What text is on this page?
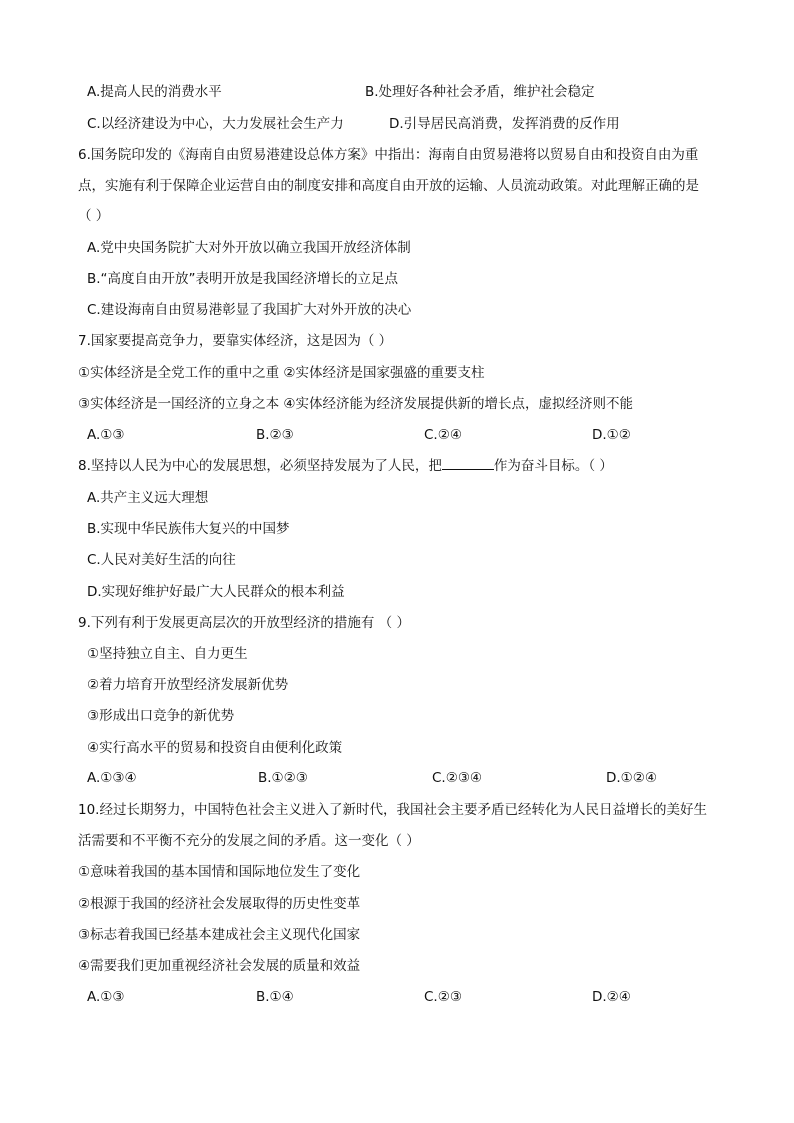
A.提高人民的消费水平	B.处理好各种社会矛盾，维护社会稳定
C.以经济建设为中心，大力发展社会生产力	D.引导居民高消费，发挥消费的反作用
6.国务院印发的《海南自由贸易港建设总体方案》中指出：海南自由贸易港将以贸易自由和投资自由为重
点，实施有利于保障企业运营自由的制度安排和高度自由开放的运输、人员流动政策。对此理解正确的是
（ ）
A.党中央国务院扩大对外开放以确立我国开放经济体制
B.“高度自由开放”表明开放是我国经济增长的立足点
C.建设海南自由贸易港彰显了我国扩大对外开放的决心
7.国家要提高竞争力，要靠实体经济，这是因为（ ）
①实体经济是全党工作的重中之重 ②实体经济是国家强盛的重要支柱
③实体经济是一国经济的立身之本 ④实体经济能为经济发展提供新的增长点，虚拟经济则不能
A.①③	B.②③	C.②④	D.①②
8.坚持以人民为中心的发展思想，必须坚持发展为了人民，把	作为奋斗目标。（ ）
A.共产主义远大理想
B.实现中华民族伟大复兴的中国梦
C.人民对美好生活的向往
D.实现好维护好最广大人民群众的根本利益
9.下列有利于发展更高层次的开放型经济的措施有 （ ）
①坚持独立自主、自力更生
②着力培育开放型经济发展新优势
③形成出口竞争的新优势
④实行高水平的贸易和投资自由便利化政策
A.①③④	B.①②③	C.②③④	D.①②④
10.经过长期努力，中国特色社会主义进入了新时代，我国社会主要矛盾已经转化为人民日益增长的美好生
活需要和不平衡不充分的发展之间的矛盾。这一变化（ ）
①意味着我国的基本国情和国际地位发生了变化
②根源于我国的经济社会发展取得的历史性变革
③标志着我国已经基本建成社会主义现代化国家
④需要我们更加重视经济社会发展的质量和效益
A.①③	B.①④	C.②③	D.②④
